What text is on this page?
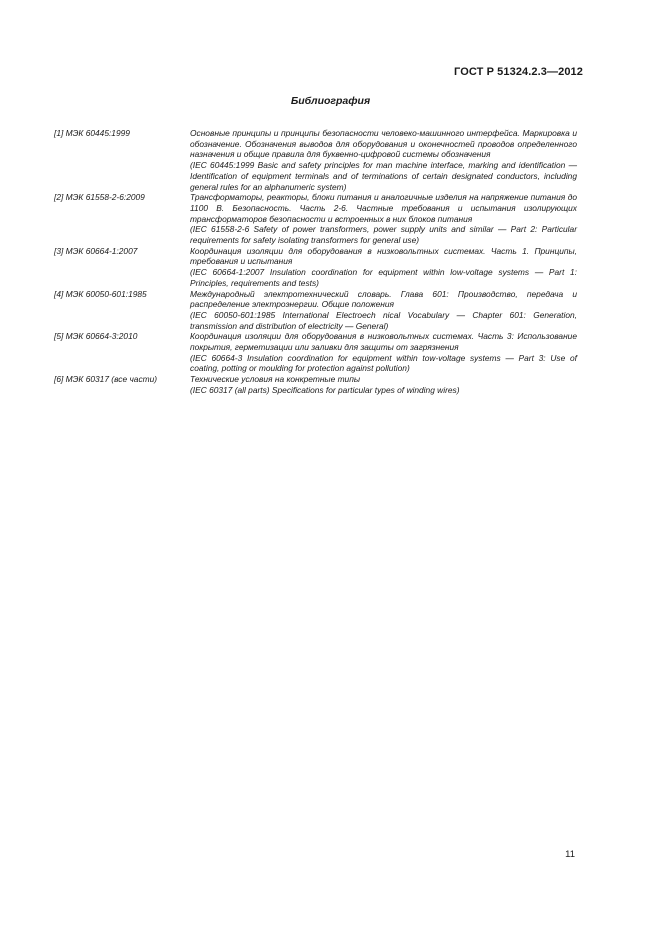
ГОСТ Р 51324.2.3—2012
Библиография
[1] МЭК 60445:1999	Основные принципы и принципы безопасности человеко-машинного интерфейса. Маркировка и обозначение. Обозначения выводов для оборудования и оконечностей проводов определенного назначения и общие правила для буквенно-цифровой системы обозначения
(IEC 60445:1999 Basic and safety principles for man machine interface, marking and identification — Identification of equipment terminals and of terminations of certain designated conductors, including general rules for an alphanumeric system)
[2] МЭК 61558-2-6:2009	Трансформаторы, реакторы, блоки питания и аналогичные изделия на напряжение питания до 1100 В. Безопасность. Часть 2-6. Частные требования и испытания изолирующих трансформаторов безопасности и встроенных в них блоков питания
(IEC 61558-2-6 Safety of power transformers, power supply units and similar — Part 2: Particular requirements for safety isolating transformers for general use)
[3] МЭК 60664-1:2007	Координация изоляции для оборудования в низковольтных системах. Часть 1. Принципы, требования и испытания
(IEC 60664-1:2007 Insulation coordination for equipment within low-voltage systems — Part 1: Principles, requirements and tests)
[4] МЭК 60050-601:1985	Международный электротехнический словарь. Глава 601: Производство, передача и распределение электроэнергии. Общие положения
(IEC 60050-601:1985 International Electroech nical Vocabulary — Chapter 601: Generation, transmission and distribution of electricity — General)
[5] МЭК 60664-3:2010	Координация изоляции для оборудования в низковольтных системах. Часть 3: Использование покрытия, герметизации или заливки для защиты от загрязнения
(IEC 60664-3 Insulation coordination for equipment within tow-voltage systems — Part 3: Use of coating, potting or moulding for protection against pollution)
[6] МЭК 60317 (все части)	Технические условия на конкретные типы
(IEC 60317 (all parts) Specifications for particular types of winding wires)
11
